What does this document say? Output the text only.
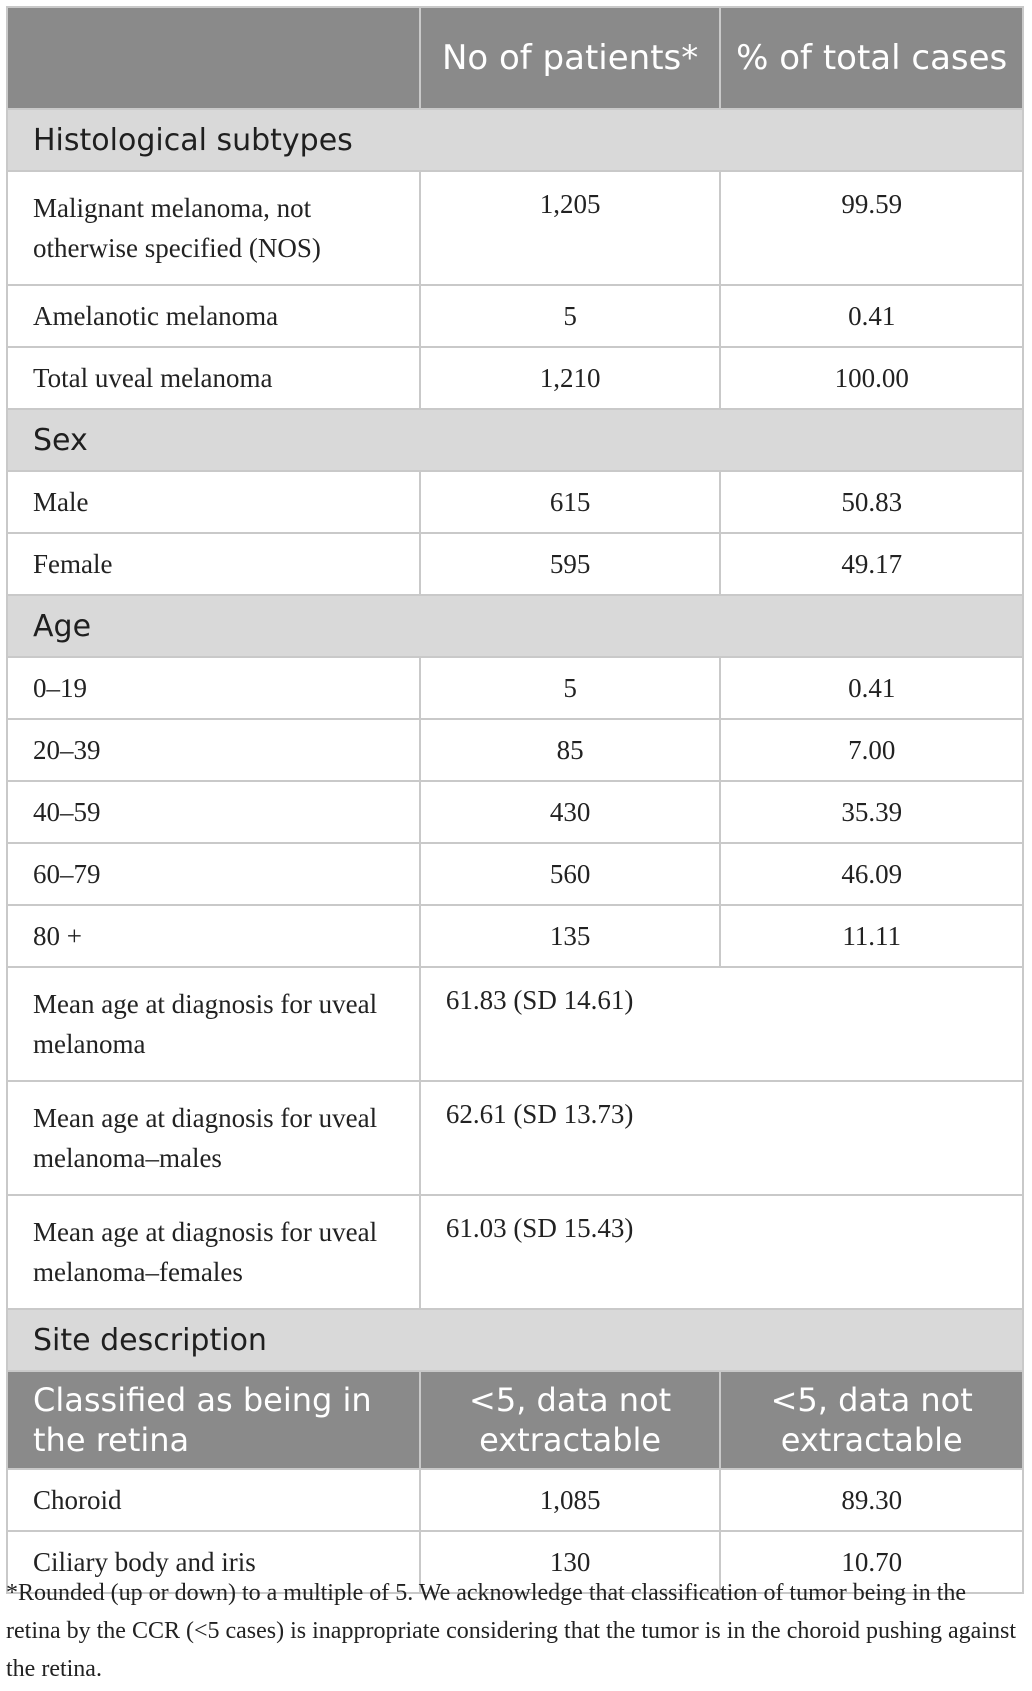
	No of patients*	% of total cases
Histological subtypes		
Malignant melanoma, not otherwise specified (NOS)	1,205	99.59
Amelanotic melanoma	5	0.41
Total uveal melanoma	1,210	100.00
Sex		
Male	615	50.83
Female	595	49.17
Age		
0–19	5	0.41
20–39	85	7.00
40–59	430	35.39
60–79	560	46.09
80 +	135	11.11
Mean age at diagnosis for uveal melanoma	61.83 (SD 14.61)	
Mean age at diagnosis for uveal melanoma–males	62.61 (SD 13.73)	
Mean age at diagnosis for uveal melanoma–females	61.03 (SD 15.43)	
Site description		
Classified as being in the retina	<5, data not extractable	<5, data not extractable
Choroid	1,085	89.30
Ciliary body and iris	130	10.70
*Rounded (up or down) to a multiple of 5. We acknowledge that classification of tumor being in the retina by the CCR (<5 cases) is inappropriate considering that the tumor is in the choroid pushing against the retina.
